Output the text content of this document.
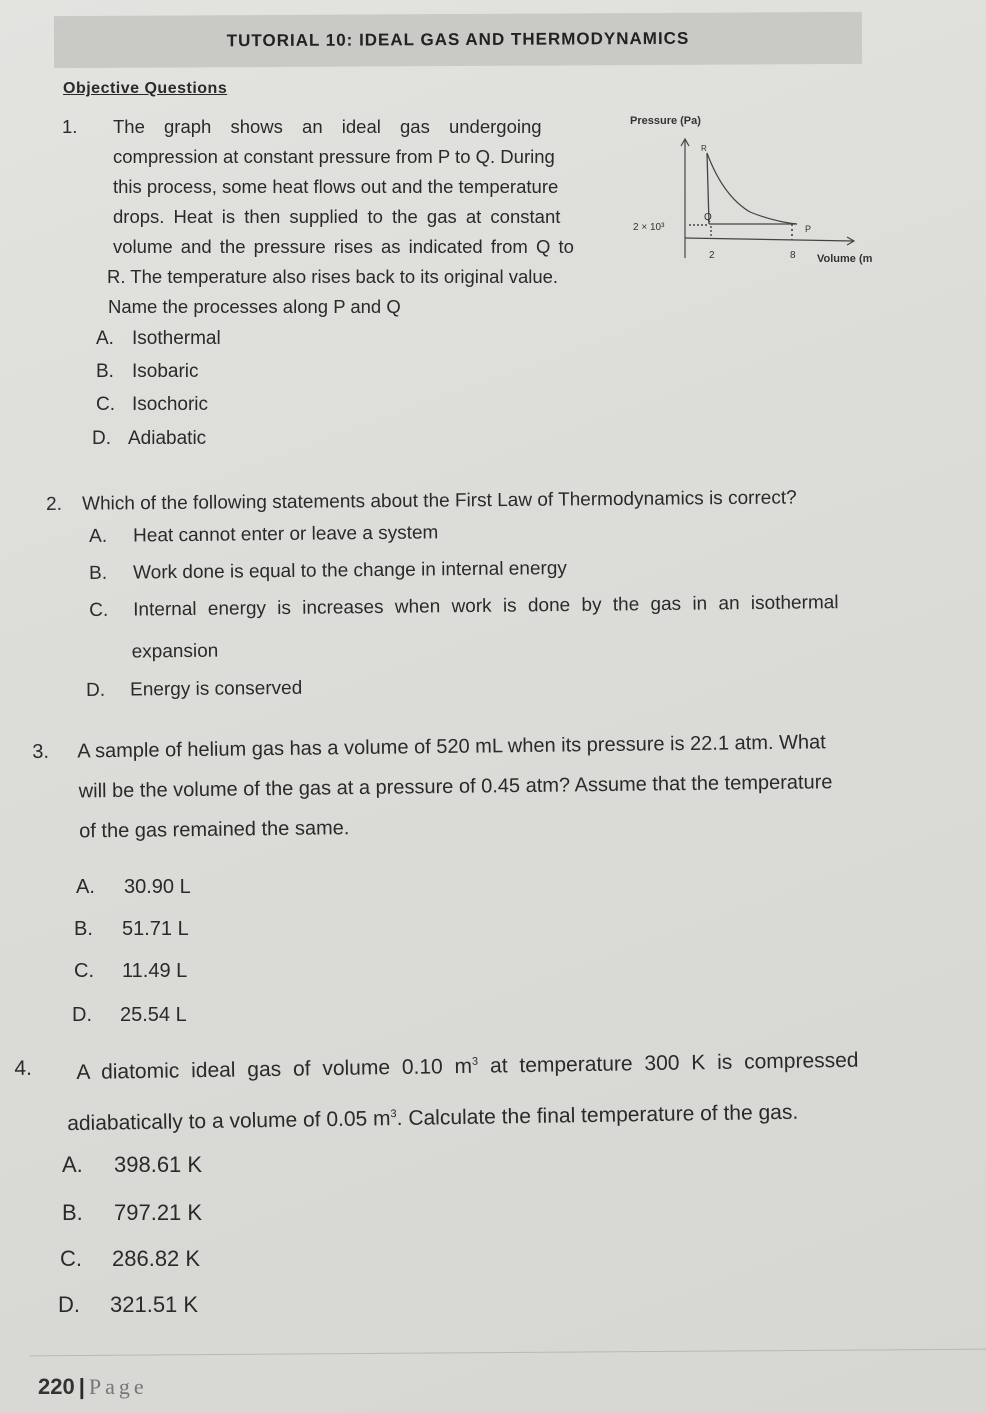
TUTORIAL 10: IDEAL GAS AND THERMODYNAMICS
Objective Questions
1. The graph shows an ideal gas undergoing
compression at constant pressure from P to Q. During
this process, some heat flows out and the temperature
drops. Heat is then supplied to the gas at constant
volume and the pressure rises as indicated from Q to
R. The temperature also rises back to its original value.
Name the processes along P and Q
A. Isothermal
B. Isobaric
C. Isochoric
D. Adiabatic
Pressure (Pa)
2 × 10³
2	8
R
Q
P
Volume (m
2. Which of the following statements about the First Law of Thermodynamics is correct?
A. Heat cannot enter or leave a system
B. Work done is equal to the change in internal energy
C.	Internal energy is increases when work is done by the gas in an isothermal
expansion
D. Energy is conserved
3.	A sample of helium gas has a volume of 520 mL when its pressure is 22.1 atm. What
will be the volume of the gas at a pressure of 0.45 atm? Assume that the temperature
of the gas remained the same.
A. 30.90 L
B. 51.71 L
C. 11.49 L
D. 25.54 L
4.	A diatomic ideal gas of volume 0.10 $m^3$ at temperature 300 K is compressed
adiabatically to a volume of 0.05 $m^3$. Calculate the final temperature of the gas.
A. 398.61 K
B. 797.21 K
C. 286.82 K
D. 321.51 K
220 | Page
